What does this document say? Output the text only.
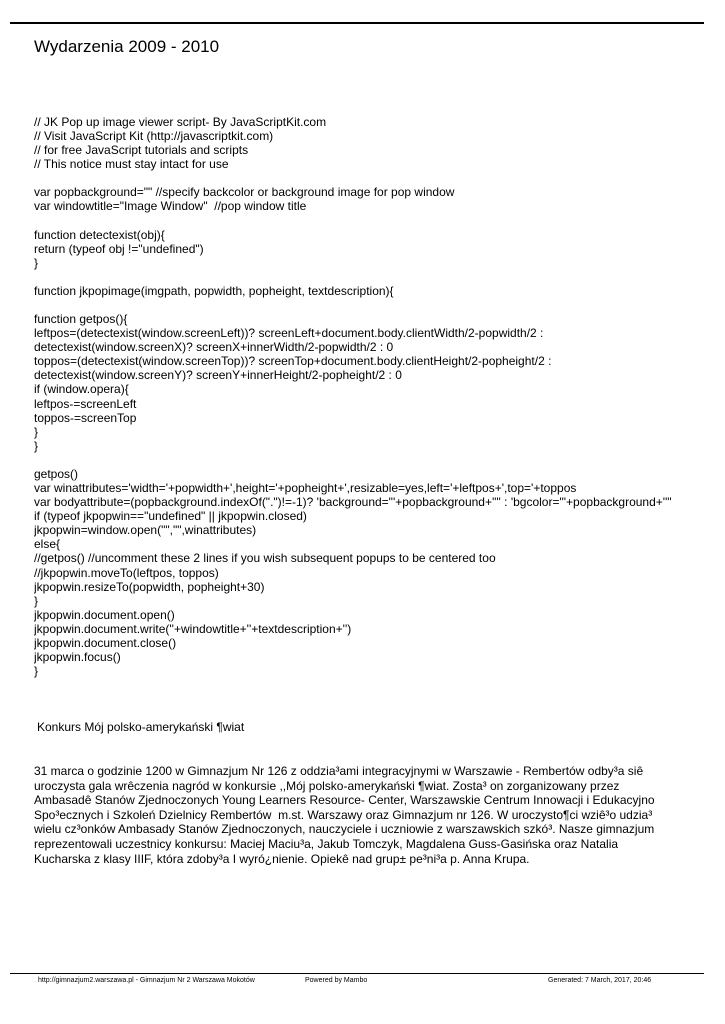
Wydarzenia 2009 - 2010
// JK Pop up image viewer script- By JavaScriptKit.com
// Visit JavaScript Kit (http://javascriptkit.com)
// for free JavaScript tutorials and scripts
// This notice must stay intact for use
var popbackground="" //specify backcolor or background image for pop window
var windowtitle="Image Window"  //pop window title
function detectexist(obj){
return (typeof obj !="undefined")
}
function jkpopimage(imgpath, popwidth, popheight, textdescription){
function getpos(){
leftpos=(detectexist(window.screenLeft))? screenLeft+document.body.clientWidth/2-popwidth/2 :
detectexist(window.screenX)? screenX+innerWidth/2-popwidth/2 : 0
toppos=(detectexist(window.screenTop))? screenTop+document.body.clientHeight/2-popheight/2 :
detectexist(window.screenY)? screenY+innerHeight/2-popheight/2 : 0
if (window.opera){
leftpos-=screenLeft
toppos-=screenTop
}
}
getpos()
var winattributes='width='+popwidth+',height='+popheight+',resizable=yes,left='+leftpos+',top='+toppos
var bodyattribute=(popbackground.indexOf(".")!=-1)? 'background="'+popbackground+'"' : 'bgcolor="'+popbackground+'"'
if (typeof jkpopwin=="undefined" || jkpopwin.closed)
jkpopwin=window.open("","",winattributes)
else{
//getpos() //uncomment these 2 lines if you wish subsequent popups to be centered too
//jkpopwin.moveTo(leftpos, toppos)
jkpopwin.resizeTo(popwidth, popheight+30)
}
jkpopwin.document.open()
jkpopwin.document.write(''+windowtitle+''+textdescription+'')
jkpopwin.document.close()
jkpopwin.focus()
}
Konkurs Mój polsko-amerykański ¶wiat
31 marca o godzinie 1200 w Gimnazjum Nr 126 z oddzia³ami integracyjnymi w Warszawie - Rembertów odby³a siê
uroczysta gala wrêczenia nagród w konkursie ,,Mój polsko-amerykański ¶wiat. Zosta³ on zorganizowany przez
Ambasadê Stanów Zjednoczonych Young Learners Resource- Center, Warszawskie Centrum Innowacji i Edukacyjno
Spo³ecznych i Szkoleń Dzielnicy Rembertów  m.st. Warszawy oraz Gimnazjum nr 126. W uroczysto¶ci wziê³o udzia³
wielu cz³onków Ambasady Stanów Zjednoczonych, nauczyciele i uczniowie z warszawskich szkó³. Nasze gimnazjum
reprezentowali uczestnicy konkursu: Maciej Maciu³a, Jakub Tomczyk, Magdalena Guss-Gasińska oraz Natalia
Kucharska z klasy IIIF, która zdoby³a I wyró¿nienie. Opiekê nad grup± pe³ni³a p. Anna Krupa.
http://gimnazjum2.warszawa.pl - Gimnazjum Nr 2 Warszawa Mokotów	Powered by Mambo	Generated: 7 March, 2017, 20:46
